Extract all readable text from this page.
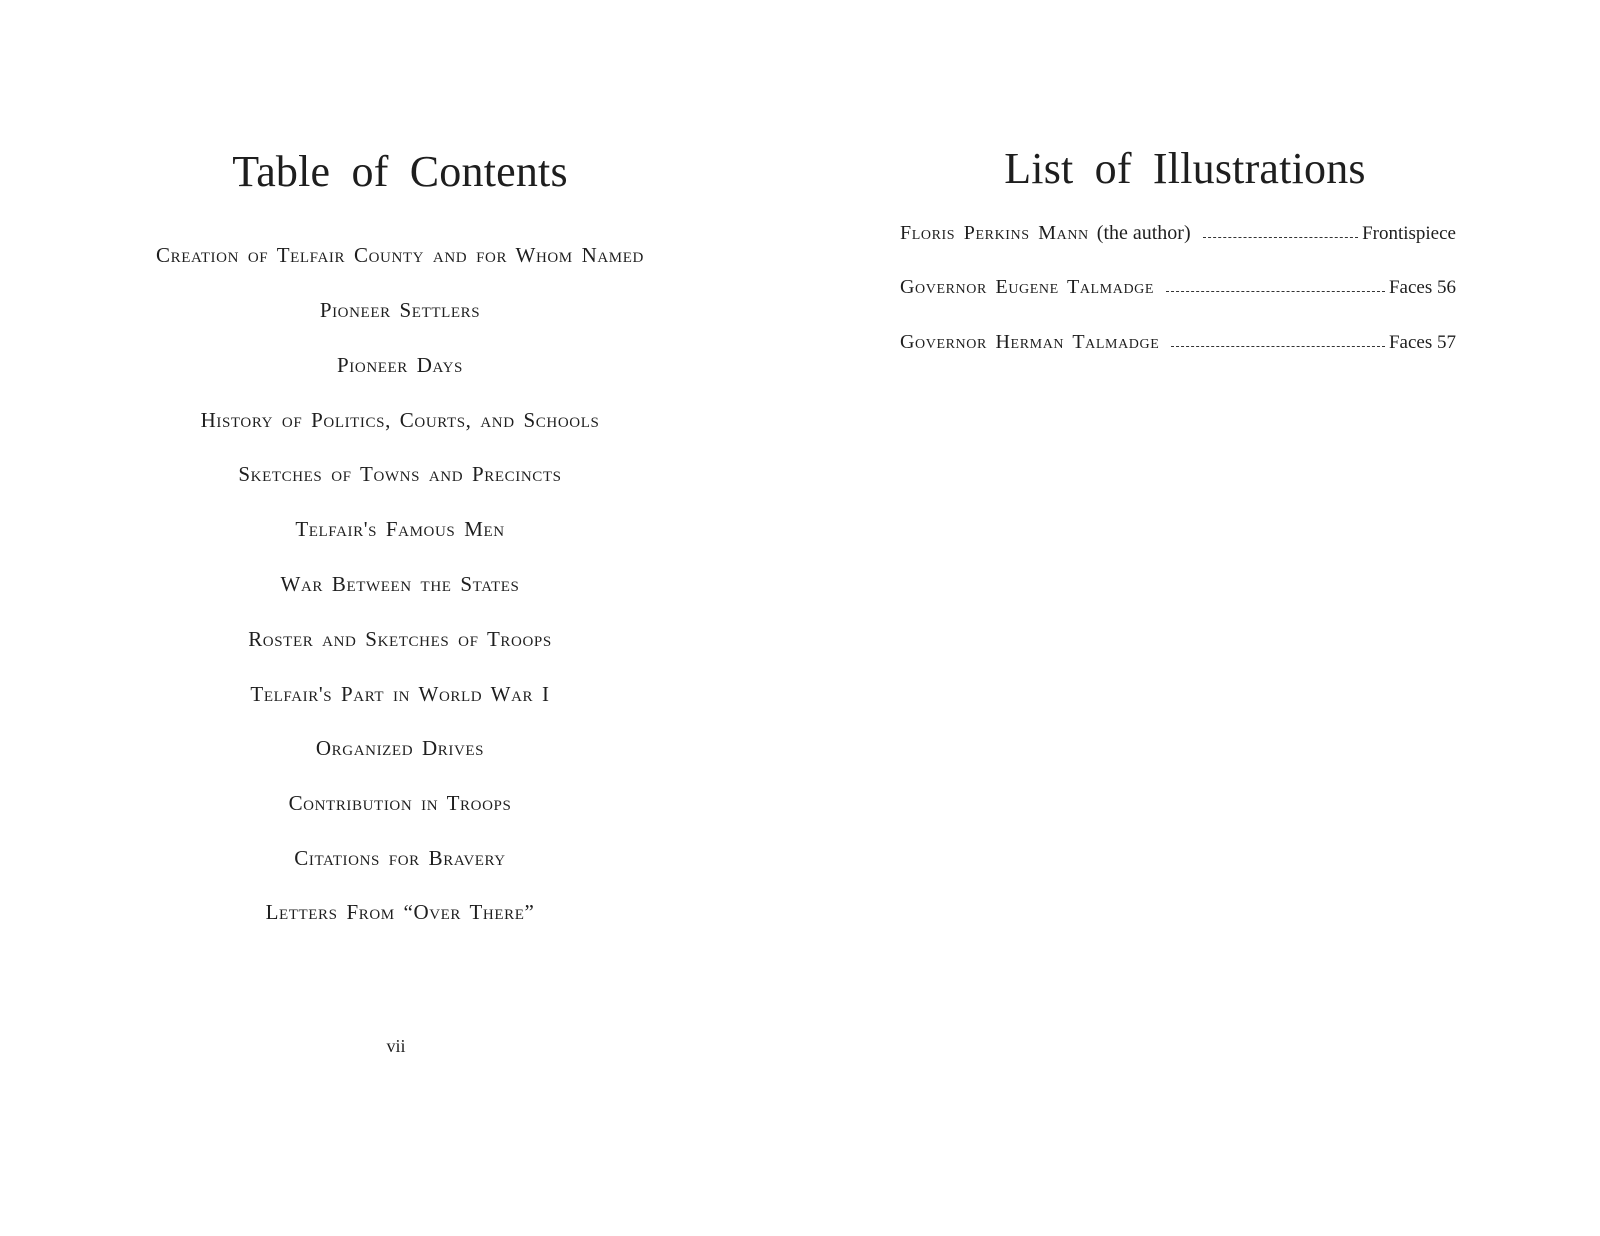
Table of Contents
Creation of Telfair County and for Whom Named
Pioneer Settlers
Pioneer Days
History of Politics, Courts, and Schools
Sketches of Towns and Precincts
Telfair's Famous Men
War Between the States
Roster and Sketches of Troops
Telfair's Part in World War I
Organized Drives
Contribution in Troops
Citations for Bravery
Letters From “Over There”
vii
List of Illustrations
Floris Perkins Mann (the author)	Frontispiece
Governor Eugene Talmadge	Faces 56
Governor Herman Talmadge	Faces 57
